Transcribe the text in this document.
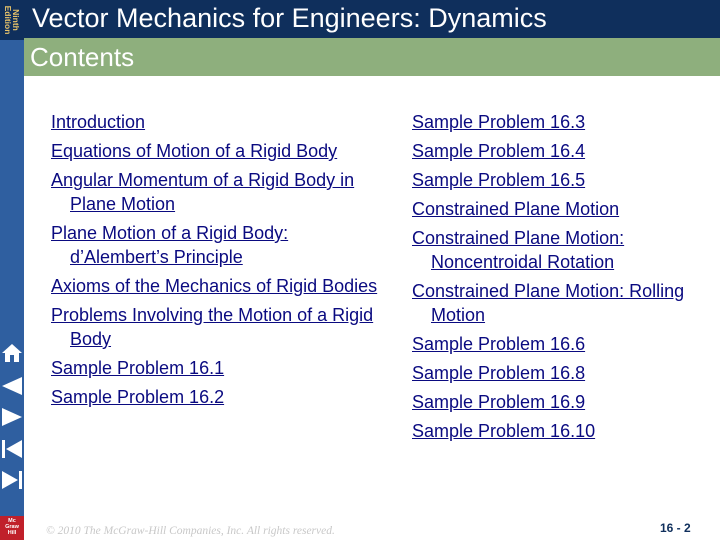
Ninth
Edition Vector Mechanics for Engineers: Dynamics
Contents
Mc
Graw
Hill
Introduction
Equations of Motion of a Rigid Body
Angular Momentum of a Rigid Body in Plane Motion
Plane Motion of a Rigid Body: d’Alembert’s Principle
Axioms of the Mechanics of Rigid Bodies
Problems Involving the Motion of a Rigid Body
Sample Problem 16.1
Sample Problem 16.2
Sample Problem 16.3
Sample Problem 16.4
Sample Problem 16.5
Constrained Plane Motion
Constrained Plane Motion: Noncentroidal Rotation
Constrained Plane Motion: Rolling Motion
Sample Problem 16.6
Sample Problem 16.8
Sample Problem 16.9
Sample Problem 16.10
© 2010 The McGraw-Hill Companies, Inc. All rights reserved.	16 - 2
